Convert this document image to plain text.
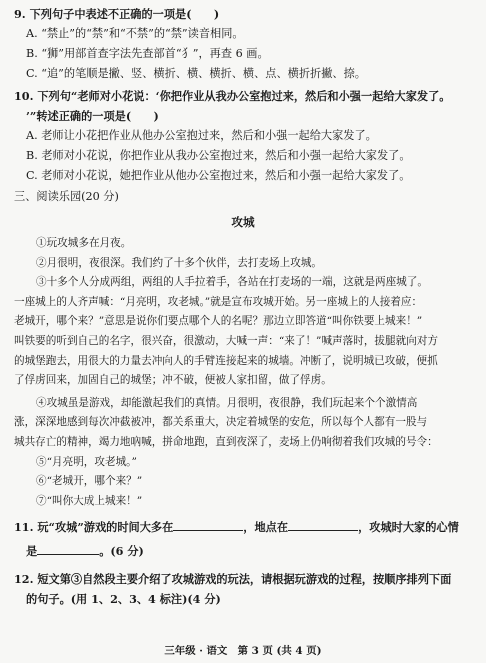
9. 下列句子中表述不正确的一项是(　　)
A. “禁止”的“禁”和“不禁”的“禁”读音相同。
B. “狮”用部首查字法先查部首“犭”，再查 6 画。
C. “追”的笔顺是撇、竖、横折、横、横折、横、点、横折折撇、捺。
10. 下列句“老师对小花说：‘你把作业从我办公室抱过来，然后和小强一起给大家发了。
’”转述正确的一项是(　　)
A. 老师让小花把作业从他办公室抱过来，然后和小强一起给大家发了。
B. 老师对小花说，你把作业从我办公室抱过来，然后和小强一起给大家发了。
C. 老师对小花说，她把作业从他办公室抱过来，然后和小强一起给大家发了。
三、阅读乐园(20 分)
攻城
①玩攻城多在月夜。
②月很明，夜很深。我们约了十多个伙伴，去打麦场上攻城。
③十多个人分成两组，两组的人手拉着手，各站在打麦场的一端，这就是两座城了。
一座城上的人齐声喊：“月亮明，攻老城。”就是宣布攻城开始。另一座城上的人接着应：
老城开，哪个来？”意思是说你们要点哪个人的名呢？那边立即答道“叫你铁要上城来！”
叫铁要的听到自己的名字，很兴奋，很激动，大喊一声：“来了！”喊声落时，拔腿就向对方
的城堡跑去，用很大的力量去冲向人的手臂连接起来的城墙。冲断了，说明城已攻破，便抓
了俘虏回来，加固自己的城堡；冲不破，便被人家扣留，做了俘虏。
④攻城虽是游戏，却能激起我们的真情。月很明，夜很静，我们玩起来个个激情高
涨，深深地感到每次冲截被冲，都关系重大，决定着城堡的安危，所以每个人都有一股与
城共存亡的精神，竭力地吶喊，拼命地跑，直到夜深了，麦场上仍响彻着我们攻城的号令：
⑤“月亮明，攻老城。”
⑥“老城开，哪个来？”
⑦“叫你大成上城来！”
11. 玩“攻城”游戏的时间大多在	，地点在	，攻城时大家的心情
是	。(6 分)
12. 短文第③自然段主要介绍了攻城游戏的玩法，请根据玩游戏的过程，按顺序排列下面
的句子。(用 1、2、3、4 标注)(4 分)
三年级 · 语文　第 3 页 (共 4 页)
